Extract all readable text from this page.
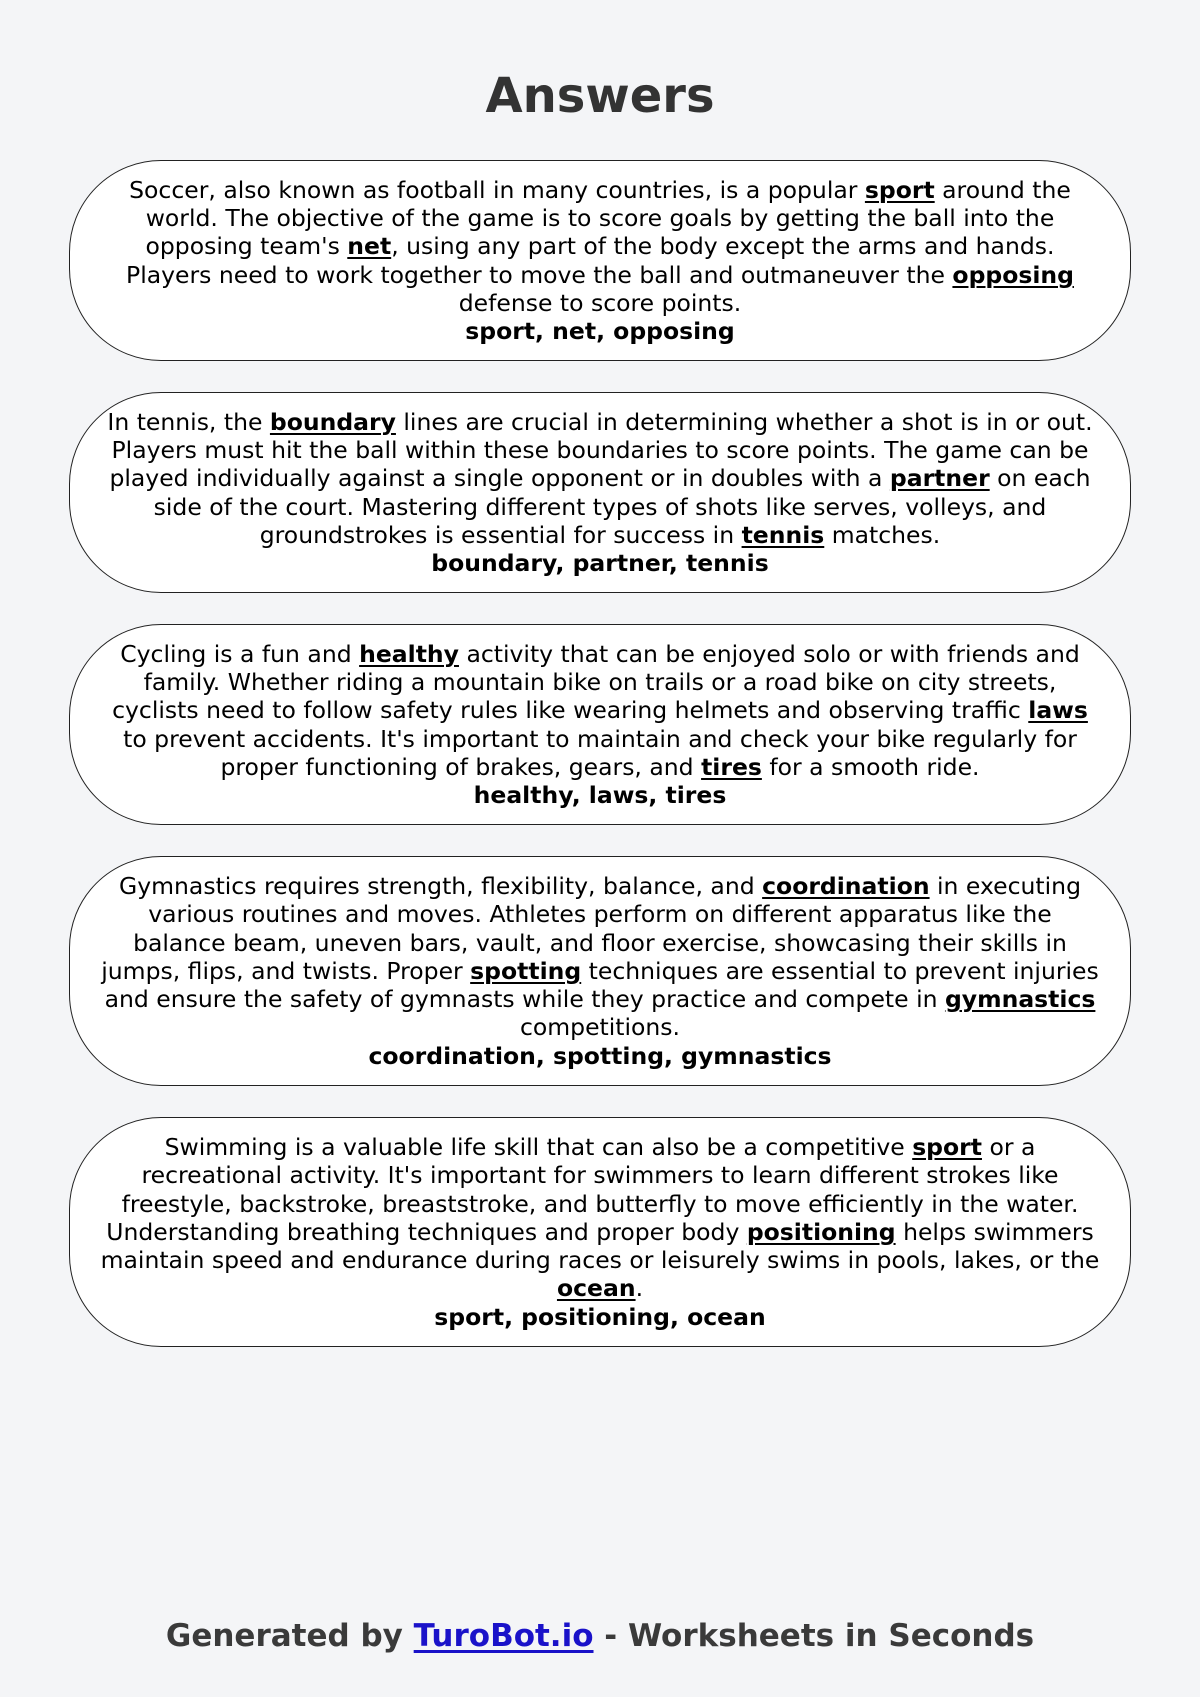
Answers

Soccer, also known as football in many countries, is a popular sport around the
world. The objective of the game is to score goals by getting the ball into the
opposing team's net, using any part of the body except the arms and hands.
Players need to work together to move the ball and outmaneuver the opposing
defense to score points.

sport, net, opposing

In tennis, the boundary lines are crucial in determining whether a shot is in or out.
Players must hit the ball within these boundaries to score points. The game can be
played individually against a single opponent or in doubles with a partner on each
side of the court. Mastering different types of shots like serves, volleys, and
groundstrokes is essential for success in tennis matches.

boundary, partner, tennis

Cycling is a fun and healthy activity that can be enjoyed solo or with friends and
family. Whether riding a mountain bike on trails or a road bike on city streets,
cyclists need to follow safety rules like wearing helmets and observing traffic laws
to prevent accidents. It's important to maintain and check your bike regularly for
proper functioning of brakes, gears, and tires for a smooth ride.

healthy, laws, tires

Gymnastics requires strength, flexibility, balance, and coordination in executing
various routines and moves. Athletes perform on different apparatus like the
balance beam, uneven bars, vault, and floor exercise, showcasing their skills in
jumps, flips, and twists. Proper spotting techniques are essential to prevent injuries
and ensure the safety of gymnasts while they practice and compete in gymnastics
competitions.

coordination, spotting, gymnastics

Swimming is a valuable life skill that can also be a competitive sport or a
recreational activity. It's important for swimmers to learn different strokes like
freestyle, backstroke, breaststroke, and butterfly to move efficiently in the water.
Understanding breathing techniques and proper body positioning helps swimmers
maintain speed and endurance during races or leisurely swims in pools, lakes, or the
ocean.

sport, positioning, ocean

Generated by TuroBot.io - Worksheets in Seconds
